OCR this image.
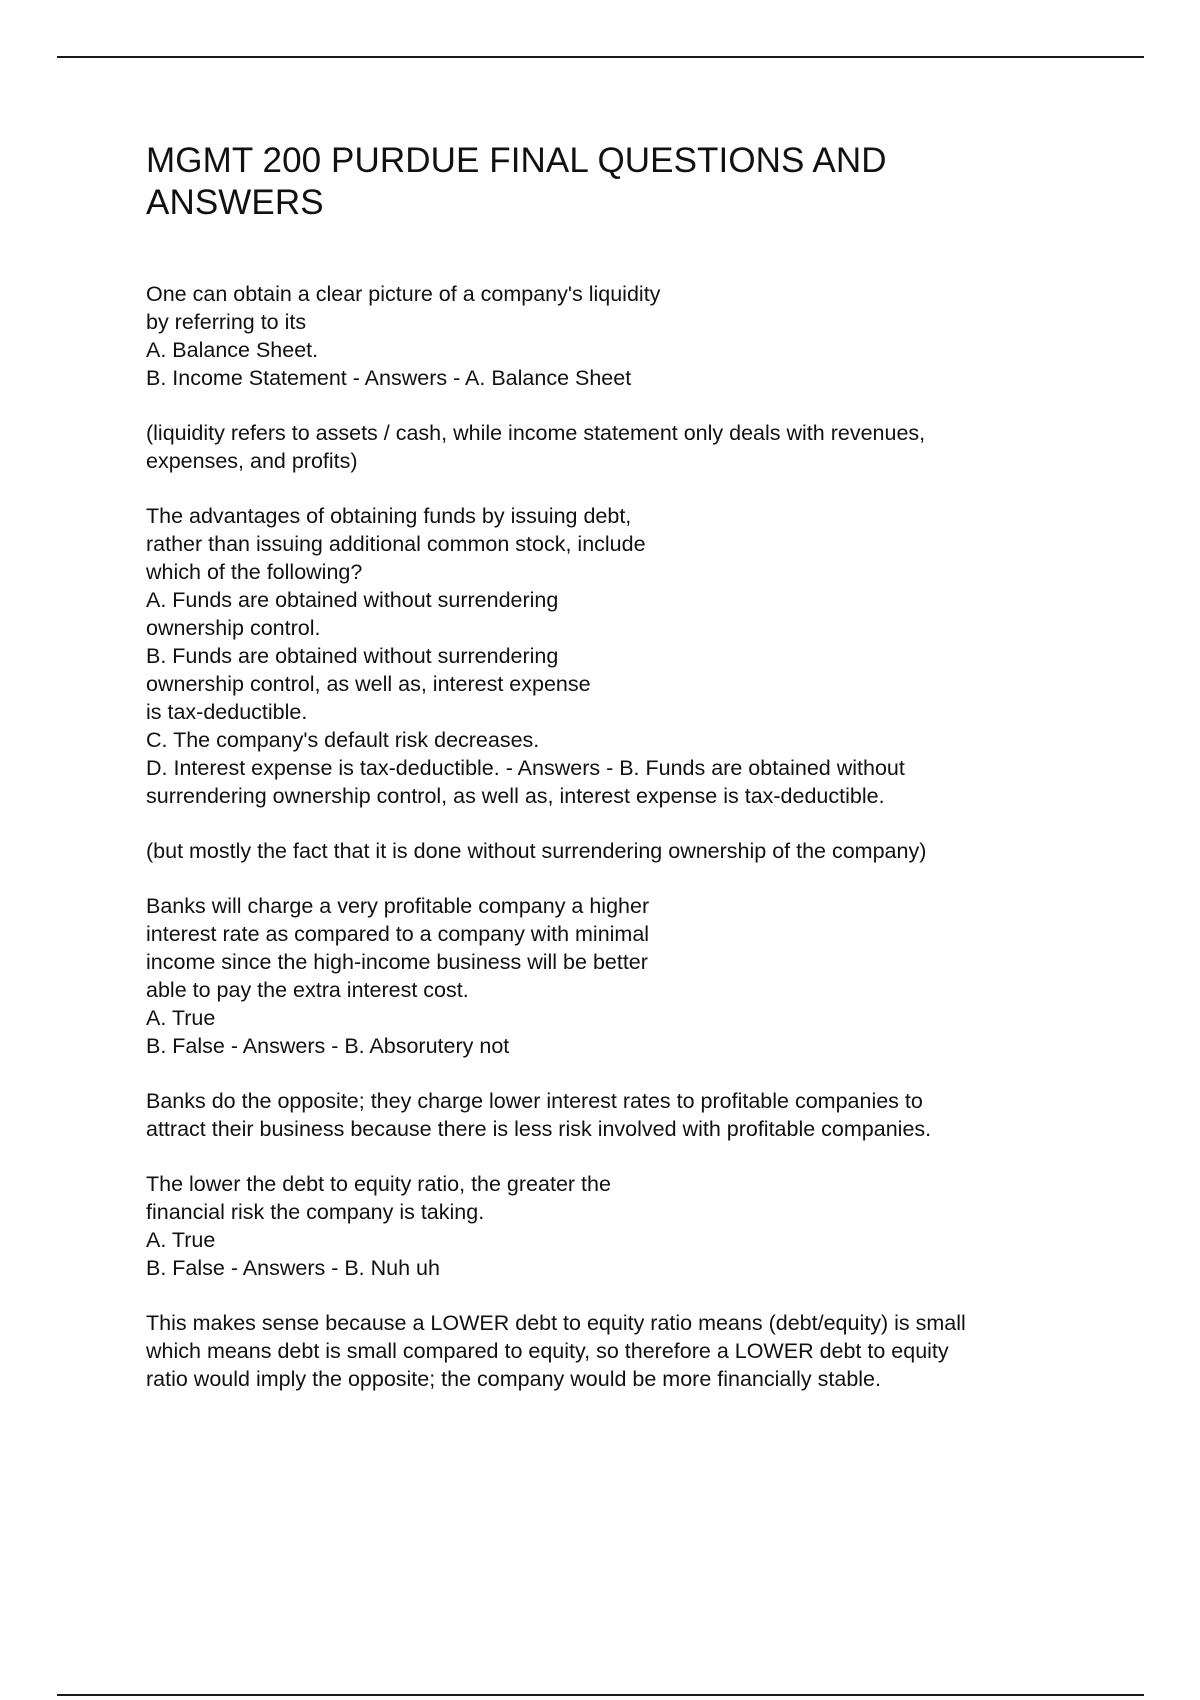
MGMT 200 PURDUE FINAL QUESTIONS AND ANSWERS
One can obtain a clear picture of a company's liquidity
by referring to its
A. Balance Sheet.
B. Income Statement - Answers - A. Balance Sheet
(liquidity refers to assets / cash, while income statement only deals with revenues,
expenses, and profits)
The advantages of obtaining funds by issuing debt,
rather than issuing additional common stock, include
which of the following?
A. Funds are obtained without surrendering
ownership control.
B. Funds are obtained without surrendering
ownership control, as well as, interest expense
is tax-deductible.
C. The company's default risk decreases.
D. Interest expense is tax-deductible. - Answers - B. Funds are obtained without
surrendering ownership control, as well as, interest expense is tax-deductible.
(but mostly the fact that it is done without surrendering ownership of the company)
Banks will charge a very profitable company a higher
interest rate as compared to a company with minimal
income since the high-income business will be better
able to pay the extra interest cost.
A. True
B. False - Answers - B. Absorutery not
Banks do the opposite; they charge lower interest rates to profitable companies to
attract their business because there is less risk involved with profitable companies.
The lower the debt to equity ratio, the greater the
financial risk the company is taking.
A. True
B. False - Answers - B. Nuh uh
This makes sense because a LOWER debt to equity ratio means (debt/equity) is small
which means debt is small compared to equity, so therefore a LOWER debt to equity
ratio would imply the opposite; the company would be more financially stable.
